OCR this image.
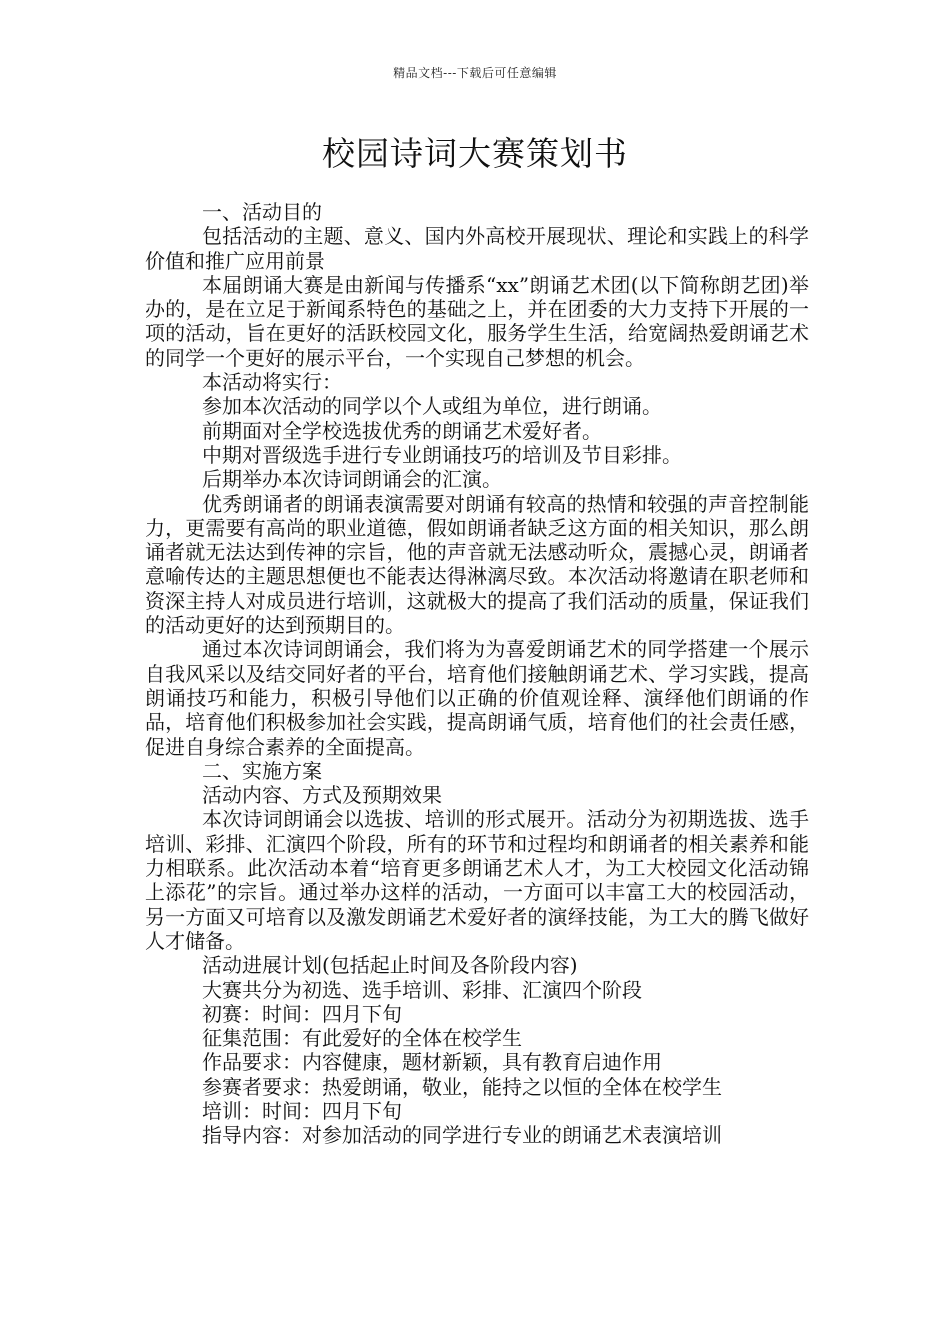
精品文档---下载后可任意编辑
校园诗词大赛策划书

一、活动目的

包括活动的主题、意义、国内外高校开展现状、理论和实践上的科学价值和推广应用前景

本届朗诵大赛是由新闻与传播系“xx”朗诵艺术团(以下简称朗艺团)举办的，是在立足于新闻系特色的基础之上，并在团委的大力支持下开展的一项的活动，旨在更好的活跃校园文化，服务学生生活，给宽阔热爱朗诵艺术的同学一个更好的展示平台，一个实现自己梦想的机会。

本活动将实行：

参加本次活动的同学以个人或组为单位，进行朗诵。

前期面对全学校选拔优秀的朗诵艺术爱好者。

中期对晋级选手进行专业朗诵技巧的培训及节目彩排。

后期举办本次诗词朗诵会的汇演。

优秀朗诵者的朗诵表演需要对朗诵有较高的热情和较强的声音控制能力，更需要有高尚的职业道德，假如朗诵者缺乏这方面的相关知识，那么朗诵者就无法达到传神的宗旨，他的声音就无法感动听众，震撼心灵，朗诵者意喻传达的主题思想便也不能表达得淋漓尽致。本次活动将邀请在职老师和资深主持人对成员进行培训，这就极大的提高了我们活动的质量，保证我们的活动更好的达到预期目的。

通过本次诗词朗诵会，我们将为为喜爱朗诵艺术的同学搭建一个展示自我风采以及结交同好者的平台，培育他们接触朗诵艺术、学习实践，提高朗诵技巧和能力，积极引导他们以正确的价值观诠释、演绎他们朗诵的作品，培育他们积极参加社会实践，提高朗诵气质，培育他们的社会责任感，促进自身综合素养的全面提高。

二、实施方案

活动内容、方式及预期效果

本次诗词朗诵会以选拔、培训的形式展开。活动分为初期选拔、选手培训、彩排、汇演四个阶段，所有的环节和过程均和朗诵者的相关素养和能力相联系。此次活动本着“培育更多朗诵艺术人才，为工大校园文化活动锦上添花”的宗旨。通过举办这样的活动，一方面可以丰富工大的校园活动，另一方面又可培育以及激发朗诵艺术爱好者的演绎技能，为工大的腾飞做好人才储备。

活动进展计划(包括起止时间及各阶段内容)

大赛共分为初选、选手培训、彩排、汇演四个阶段

初赛：时间：四月下旬

征集范围：有此爱好的全体在校学生

作品要求：内容健康，题材新颖，具有教育启迪作用

参赛者要求：热爱朗诵，敬业，能持之以恒的全体在校学生

培训：时间：四月下旬

指导内容：对参加活动的同学进行专业的朗诵艺术表演培训
